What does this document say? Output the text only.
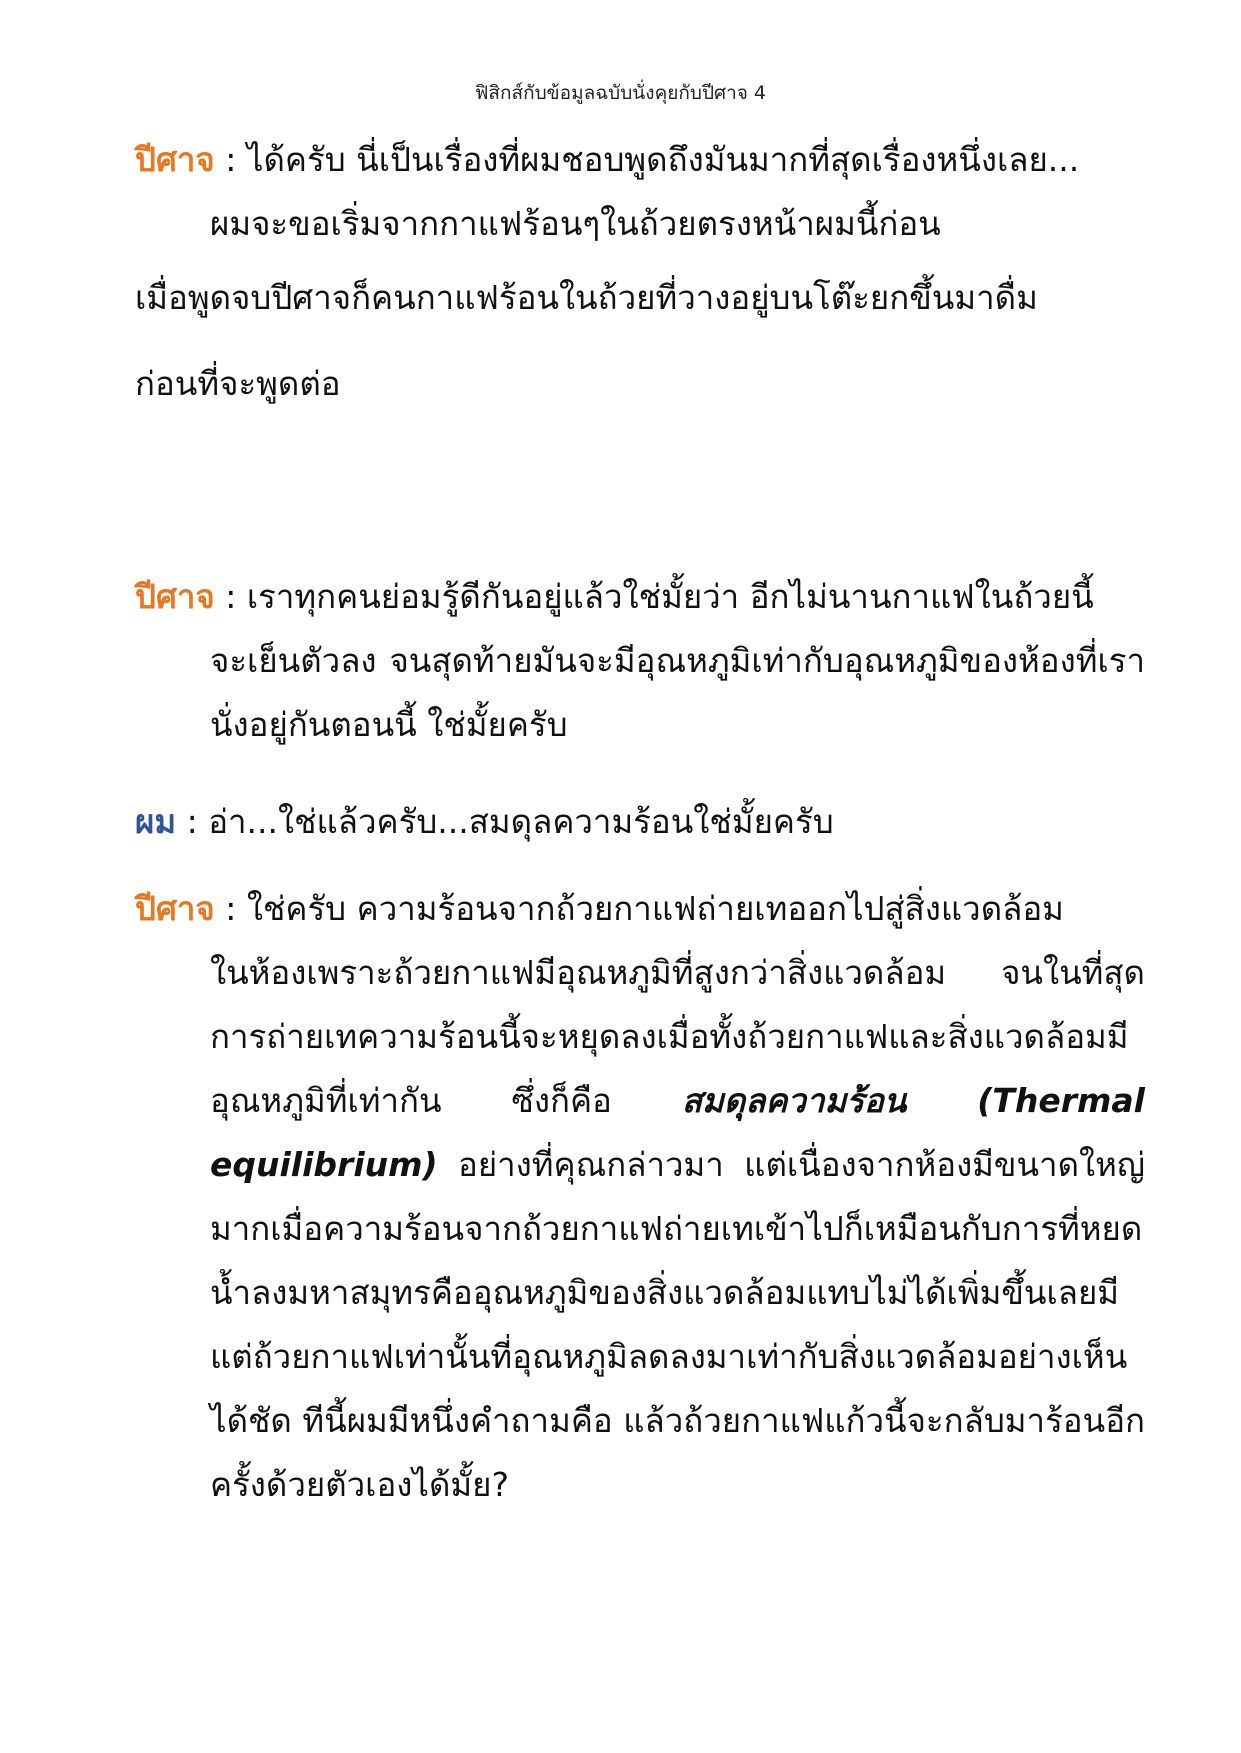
ฟิสิกส์กับข้อมูลฉบับนั่งคุยกับปีศาจ 4
ปีศาจ : ได้ครับ นี่เป็นเรื่องที่ผมชอบพูดถึงมันมากที่สุดเรื่องหนึ่งเลย...
ผมจะขอเริ่มจากกาแฟร้อนๆในถ้วยตรงหน้าผมนี้ก่อน
เมื่อพูดจบปีศาจก็คนกาแฟร้อนในถ้วยที่วางอยู่บนโต๊ะยกขึ้นมาดื่ม
ก่อนที่จะพูดต่อ
ปีศาจ : เราทุกคนย่อมรู้ดีกันอยู่แล้วใช่มั้ยว่า อีกไม่นานกาแฟในถ้วยนี้
จะเย็นตัวลง จนสุดท้ายมันจะมีอุณหภูมิเท่ากับอุณหภูมิของห้องที่เรานั่งอยู่กันตอนนี้ ใช่มั้ยครับ
ผม : อ่า...ใช่แล้วครับ...สมดุลความร้อนใช่มั้ยครับ
ปีศาจ : ใช่ครับ ความร้อนจากถ้วยกาแฟถ่ายเทออกไปสู่สิ่งแวดล้อม
ในห้องเพราะถ้วยกาแฟมีอุณหภูมิที่สูงกว่าสิ่งแวดล้อม จนในที่สุดการถ่ายเทความร้อนนี้จะหยุดลงเมื่อทั้งถ้วยกาแฟและสิ่งแวดล้อมมีอุณหภูมิที่เท่ากัน ซึ่งก็คือ สมดุลความร้อน (Thermal equilibrium) อย่างที่คุณกล่าวมา แต่เนื่องจากห้องมีขนาดใหญ่มากเมื่อความร้อนจากถ้วยกาแฟถ่ายเทเข้าไปก็เหมือนกับการที่หยดน้ำลงมหาสมุทรคืออุณหภูมิของสิ่งแวดล้อมแทบไม่ได้เพิ่มขึ้นเลยมีแต่ถ้วยกาแฟเท่านั้นที่อุณหภูมิลดลงมาเท่ากับสิ่งแวดล้อมอย่างเห็นได้ชัด ทีนี้ผมมีหนึ่งคำถามคือ แล้วถ้วยกาแฟแก้วนี้จะกลับมาร้อนอีกครั้งด้วยตัวเองได้มั้ย?
